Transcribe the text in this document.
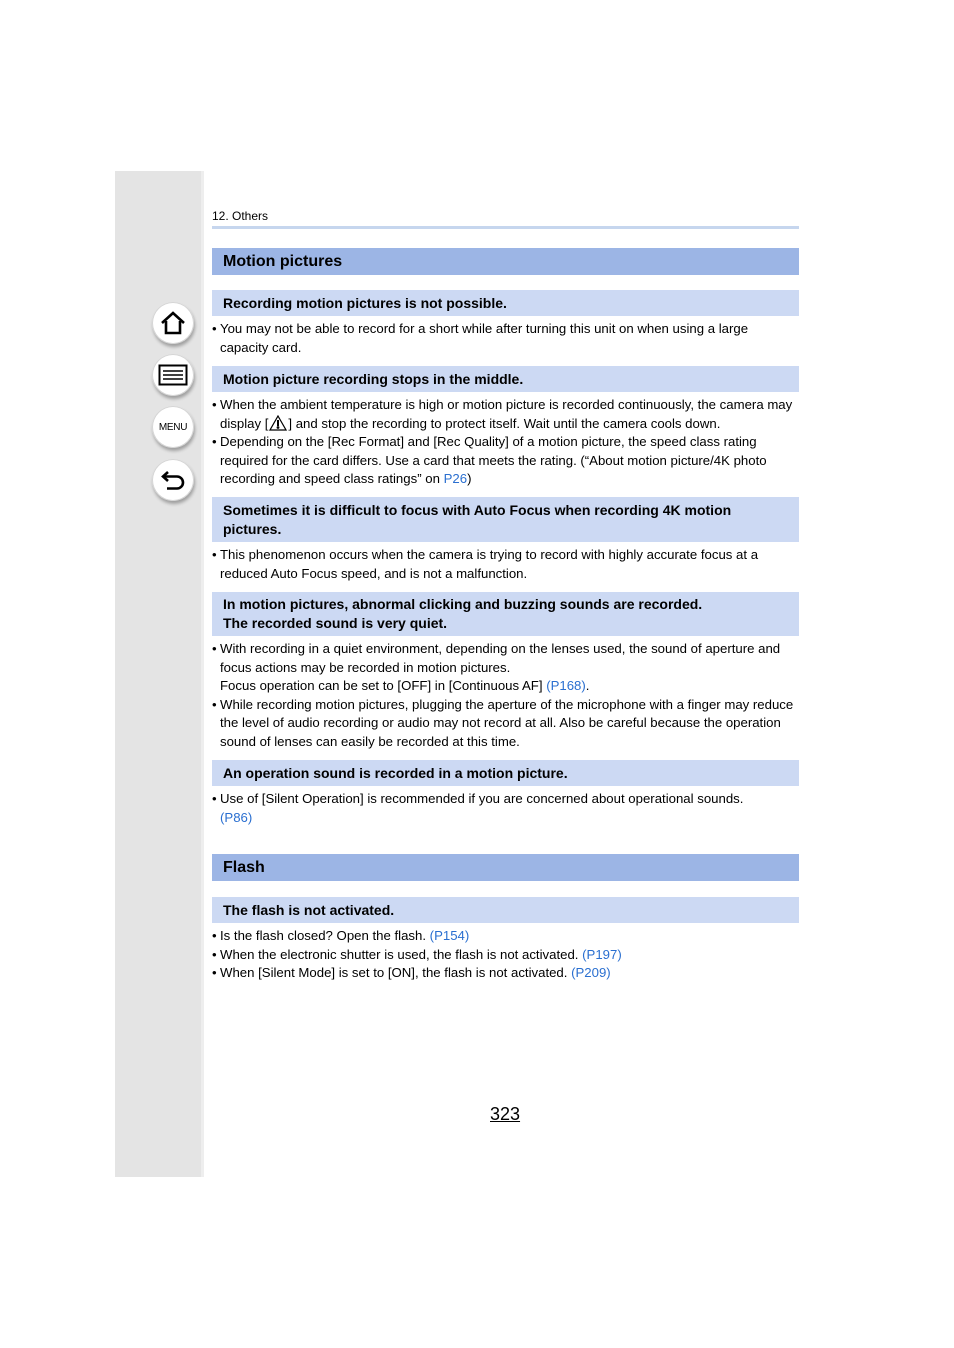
MENU
12. Others
Motion pictures
Recording motion pictures is not possible.
• You may not be able to record for a short while after turning this unit on when using a large capacity card.
Motion picture recording stops in the middle.
• When the ambient temperature is high or motion picture is recorded continuously, the camera may display [ ] and stop the recording to protect itself. Wait until the camera cools down.
• Depending on the [Rec Format] and [Rec Quality] of a motion picture, the speed class rating required for the card differs. Use a card that meets the rating. (“About motion picture/4K photo recording and speed class ratings” on P26)
Sometimes it is difficult to focus with Auto Focus when recording 4K motion pictures.
• This phenomenon occurs when the camera is trying to record with highly accurate focus at a reduced Auto Focus speed, and is not a malfunction.
In motion pictures, abnormal clicking and buzzing sounds are recorded.
The recorded sound is very quiet.
• With recording in a quiet environment, depending on the lenses used, the sound of aperture and focus actions may be recorded in motion pictures.
Focus operation can be set to [OFF] in [Continuous AF] (P168).
• While recording motion pictures, plugging the aperture of the microphone with a finger may reduce the level of audio recording or audio may not record at all. Also be careful because the operation sound of lenses can easily be recorded at this time.
An operation sound is recorded in a motion picture.
• Use of [Silent Operation] is recommended if you are concerned about operational sounds.
(P86)
Flash
The flash is not activated.
• Is the flash closed? Open the flash. (P154)
• When the electronic shutter is used, the flash is not activated. (P197)
• When [Silent Mode] is set to [ON], the flash is not activated. (P209)
323
